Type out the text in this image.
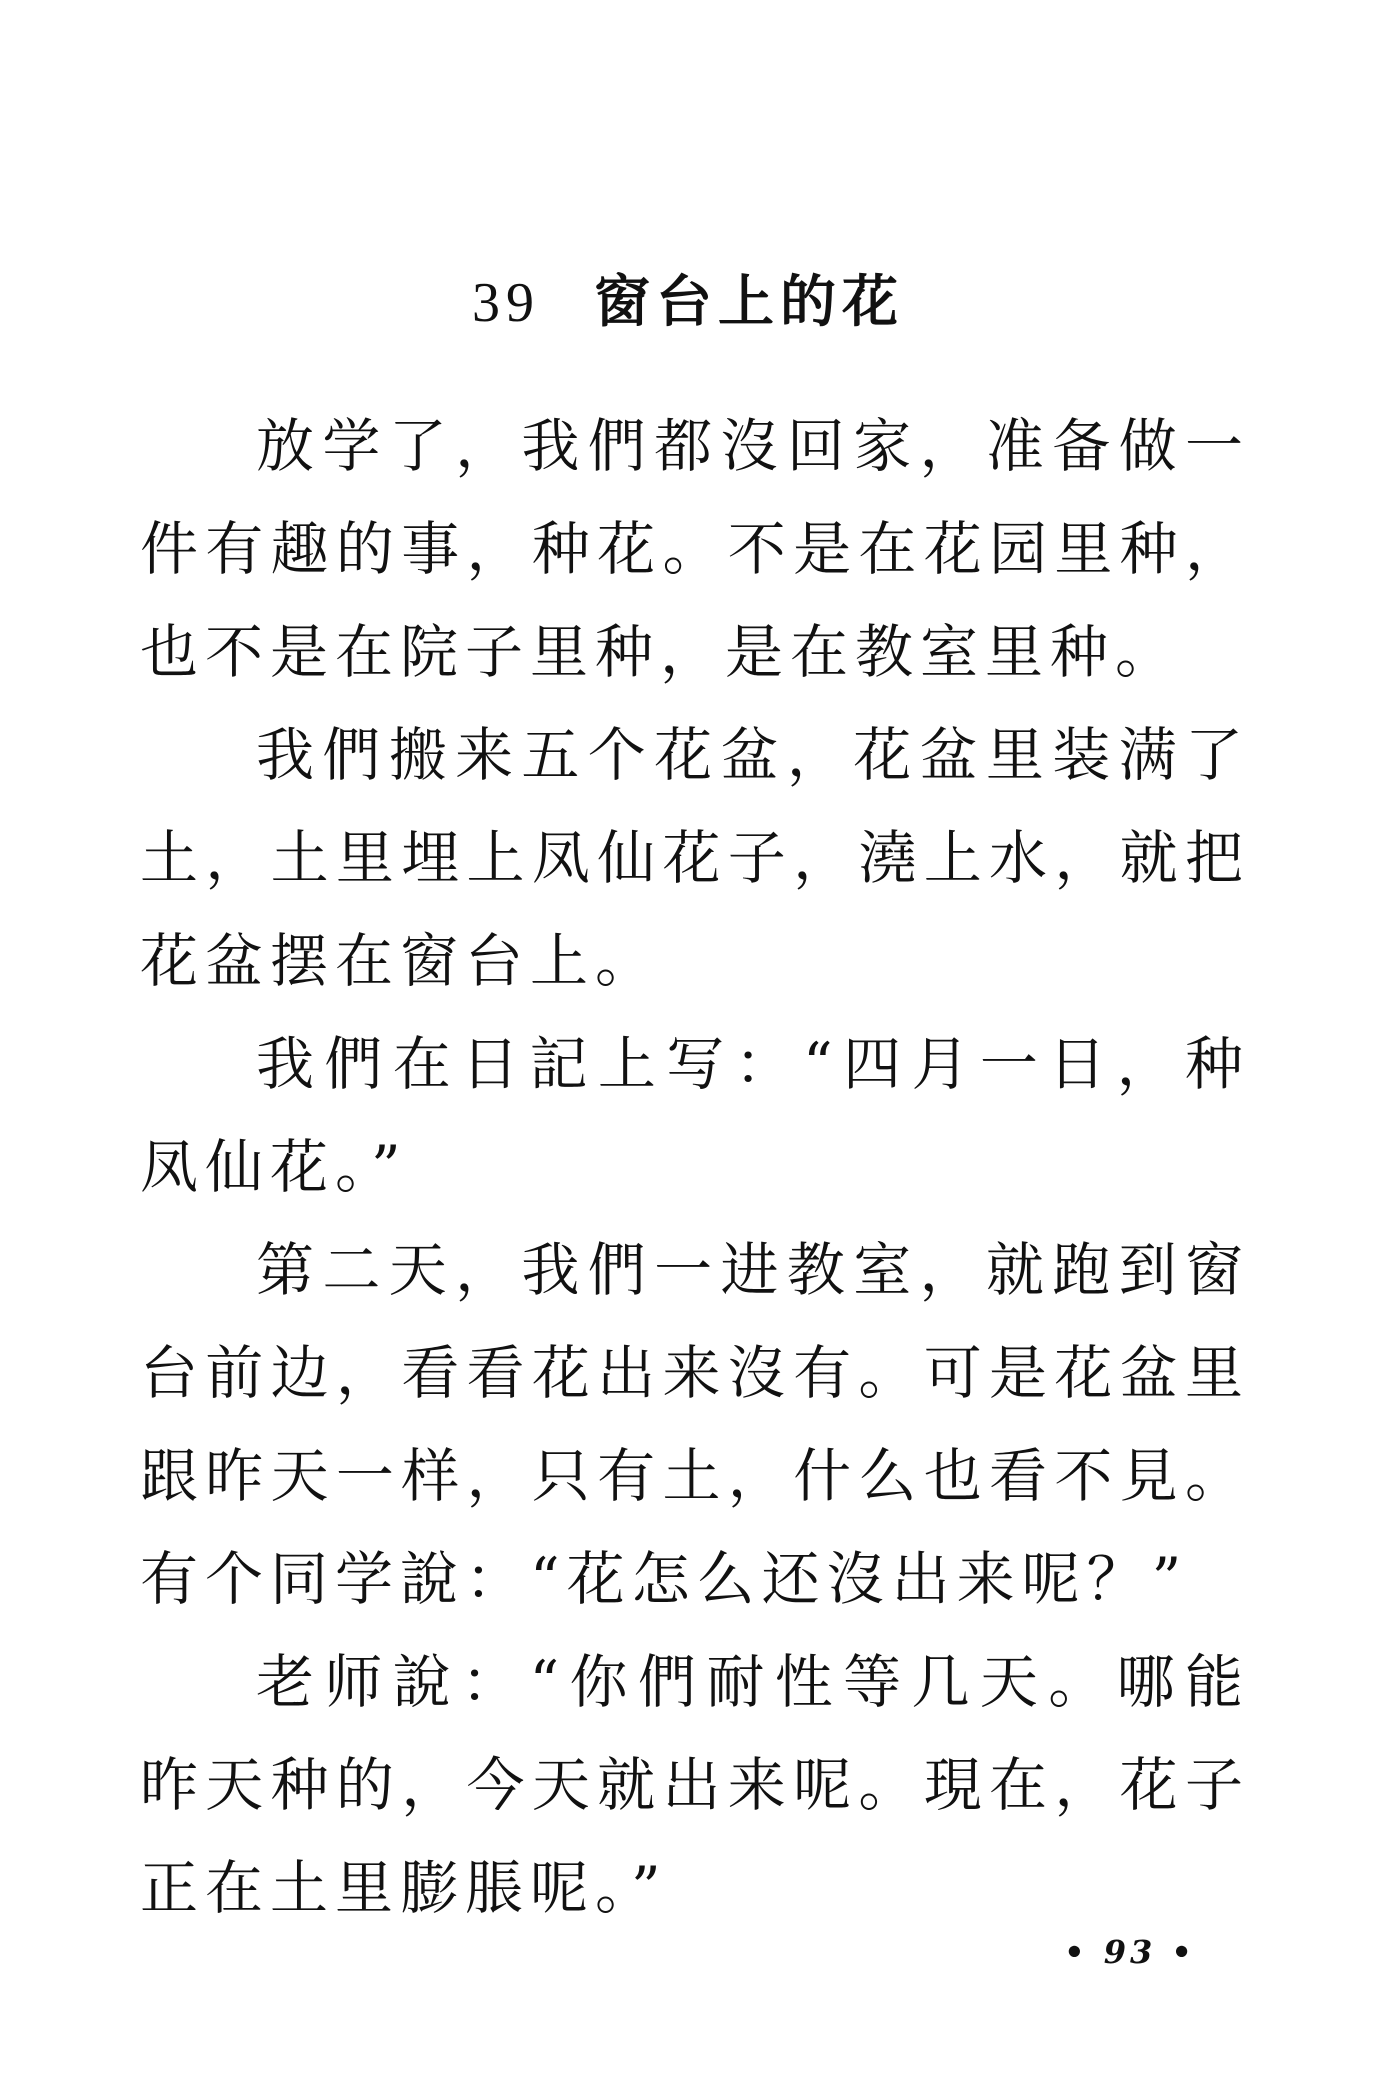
39 窗台上的花

放学了，我們都沒回家，准备做一件有趣的事，种花。不是在花园里种，也不是在院子里种，是在教室里种。

我們搬来五个花盆，花盆里装满了土，土里埋上凤仙花子，澆上水，就把花盆摆在窗台上。

我們在日記上写：“四月一日，种凤仙花。”

第二天，我們一进教室，就跑到窗台前边，看看花出来沒有。可是花盆里跟昨天一样，只有土，什么也看不見。有个同学說：“花怎么还沒出来呢？”

老师說：“你們耐性等几天。哪能昨天种的，今天就出来呢。現在，花子正在土里膨脹呢。”

• 93 •
